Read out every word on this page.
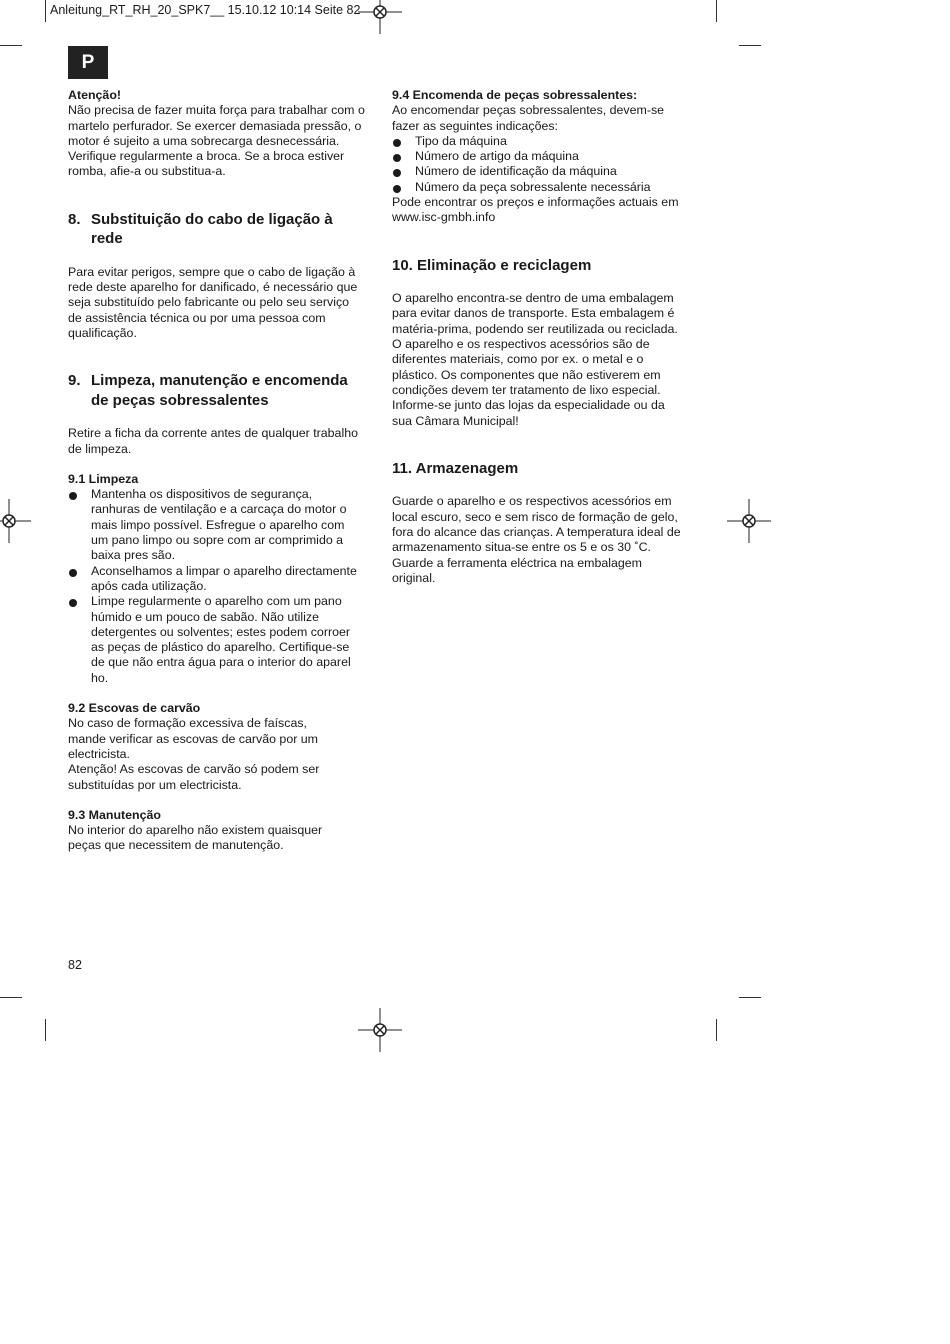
Anleitung_RT_RH_20_SPK7__ 15.10.12 10:14 Seite 82
P

Atenção!

Não precisa de fazer muita força para trabalhar com o

martelo perfurador. Se exercer demasiada pressão, o

motor é sujeito a uma sobrecarga desnecessária.

Verifique regularmente a broca. Se a broca estiver

romba, afie-a ou substitua-a.

8. Substituição do cabo de ligação à
rede

Para evitar perigos, sempre que o cabo de ligação à

rede deste aparelho for danificado, é necessário que

seja substituído pelo fabricante ou pelo seu serviço

de assistência técnica ou por uma pessoa com

qualificação.

9. Limpeza, manutenção e encomenda
de peças sobressalentes

Retire a ficha da corrente antes de qualquer trabalho

de limpeza.

9.1 Limpeza

Mantenha os dispositivos de segurança,

ranhuras de ventilação e a carcaça do motor o

mais limpo possível. Esfregue o aparelho com

um pano limpo ou sopre com ar comprimido a

baixa pres são.

Aconselhamos a limpar o aparelho directamente

após cada utilização.

Limpe regularmente o aparelho com um pano

húmido e um pouco de sabão. Não utilize

detergentes ou solventes; estes podem corroer

as peças de plástico do aparelho. Certifique-se

de que não entra água para o interior do aparel

ho.

9.2 Escovas de carvão

No caso de formação excessiva de faíscas,

mande verificar as escovas de carvão por um

electricista.

Atenção! As escovas de carvão só podem ser

substituídas por um electricista.

9.3 Manutenção

No interior do aparelho não existem quaisquer

peças que necessitem de manutenção.

9.4 Encomenda de peças sobressalentes:

Ao encomendar peças sobressalentes, devem-se

fazer as seguintes indicações:

Tipo da máquina
Número de artigo da máquina
Número de identificação da máquina
Número da peça sobressalente necessária

Pode encontrar os preços e informações actuais em

www.isc-gmbh.info

10. Eliminação e reciclagem

O aparelho encontra-se dentro de uma embalagem

para evitar danos de transporte. Esta embalagem é

matéria-prima, podendo ser reutilizada ou reciclada.

O aparelho e os respectivos acessórios são de

diferentes materiais, como por ex. o metal e o

plástico. Os componentes que não estiverem em

condições devem ter tratamento de lixo especial.

Informe-se junto das lojas da especialidade ou da

sua Câmara Municipal!

11. Armazenagem

Guarde o aparelho e os respectivos acessórios em

local escuro, seco e sem risco de formação de gelo,

fora do alcance das crianças. A temperatura ideal de

armazenamento situa-se entre os 5 e os 30 ˚C.

Guarde a ferramenta eléctrica na embalagem

original.

82
